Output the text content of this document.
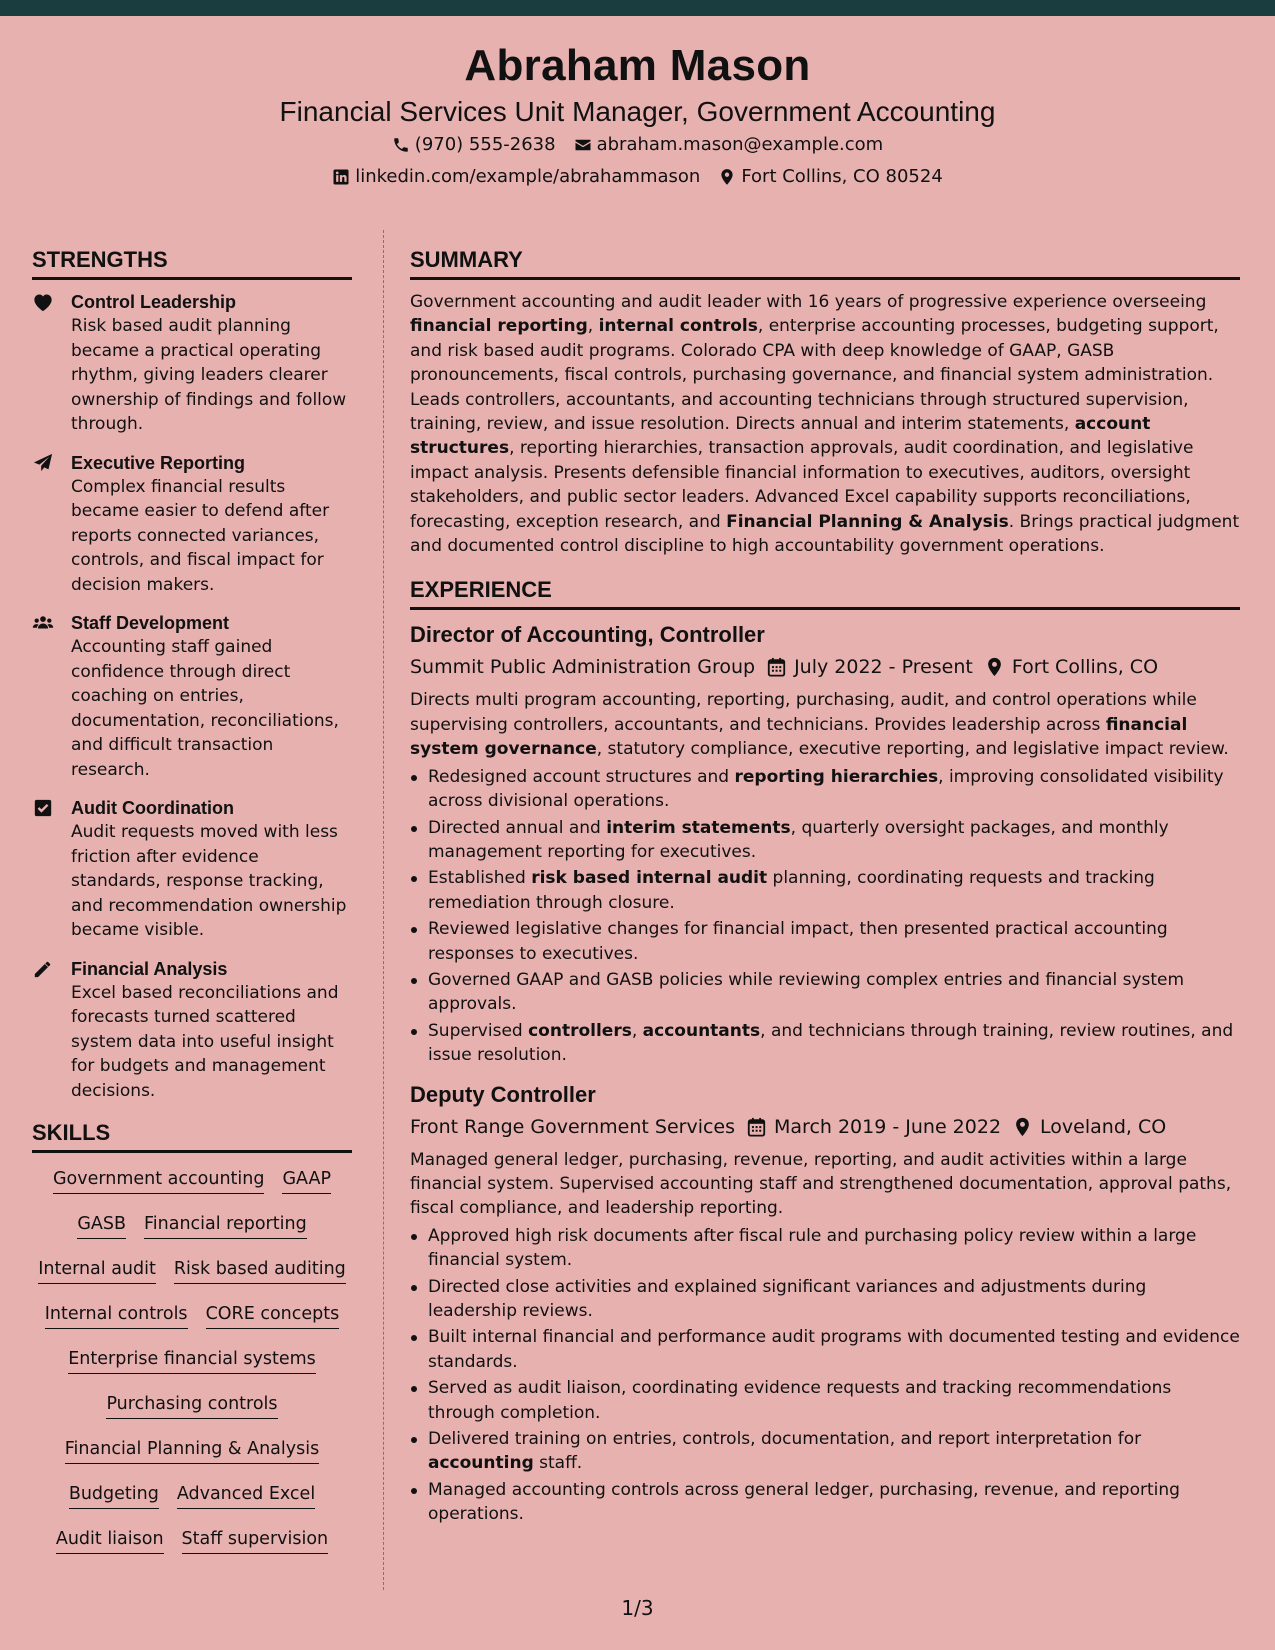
Abraham Mason
Financial Services Unit Manager, Government Accounting
(970) 555-2638 abraham.mason@example.com
linkedin.com/example/abrahammason Fort Collins, CO 80524
STRENGTHS
Control Leadership
Risk based audit planning became a practical operating rhythm, giving leaders clearer ownership of findings and follow through.
Executive Reporting
Complex financial results became easier to defend after reports connected variances, controls, and fiscal impact for decision makers.
Staff Development
Accounting staff gained confidence through direct coaching on entries, documentation, reconciliations, and difficult transaction research.
Audit Coordination
Audit requests moved with less friction after evidence standards, response tracking, and recommendation ownership became visible.
Financial Analysis
Excel based reconciliations and forecasts turned scattered system data into useful insight for budgets and management decisions.
SKILLS
Government accounting GAAP
GASB Financial reporting
Internal audit Risk based auditing
Internal controls CORE concepts
Enterprise financial systems
Purchasing controls
Financial Planning & Analysis
Budgeting Advanced Excel
Audit liaison Staff supervision
SUMMARY
Government accounting and audit leader with 16 years of progressive experience overseeing financial reporting, internal controls, enterprise accounting processes, budgeting support, and risk based audit programs. Colorado CPA with deep knowledge of GAAP, GASB pronouncements, fiscal controls, purchasing governance, and financial system administration. Leads controllers, accountants, and accounting technicians through structured supervision, training, review, and issue resolution. Directs annual and interim statements, account structures, reporting hierarchies, transaction approvals, audit coordination, and legislative impact analysis. Presents defensible financial information to executives, auditors, oversight stakeholders, and public sector leaders. Advanced Excel capability supports reconciliations, forecasting, exception research, and Financial Planning & Analysis. Brings practical judgment and documented control discipline to high accountability government operations.
EXPERIENCE
Director of Accounting, Controller
Summit Public Administration Group July 2022 - Present Fort Collins, CO
Directs multi program accounting, reporting, purchasing, audit, and control operations while supervising controllers, accountants, and technicians. Provides leadership across financial system governance, statutory compliance, executive reporting, and legislative impact review.
Redesigned account structures and reporting hierarchies, improving consolidated visibility across divisional operations.
Directed annual and interim statements, quarterly oversight packages, and monthly management reporting for executives.
Established risk based internal audit planning, coordinating requests and tracking remediation through closure.
Reviewed legislative changes for financial impact, then presented practical accounting responses to executives.
Governed GAAP and GASB policies while reviewing complex entries and financial system approvals.
Supervised controllers, accountants, and technicians through training, review routines, and issue resolution.
Deputy Controller
Front Range Government Services March 2019 - June 2022 Loveland, CO
Managed general ledger, purchasing, revenue, reporting, and audit activities within a large financial system. Supervised accounting staff and strengthened documentation, approval paths, fiscal compliance, and leadership reporting.
Approved high risk documents after fiscal rule and purchasing policy review within a large financial system.
Directed close activities and explained significant variances and adjustments during leadership reviews.
Built internal financial and performance audit programs with documented testing and evidence standards.
Served as audit liaison, coordinating evidence requests and tracking recommendations through completion.
Delivered training on entries, controls, documentation, and report interpretation for accounting staff.
Managed accounting controls across general ledger, purchasing, revenue, and reporting operations.
1/3
